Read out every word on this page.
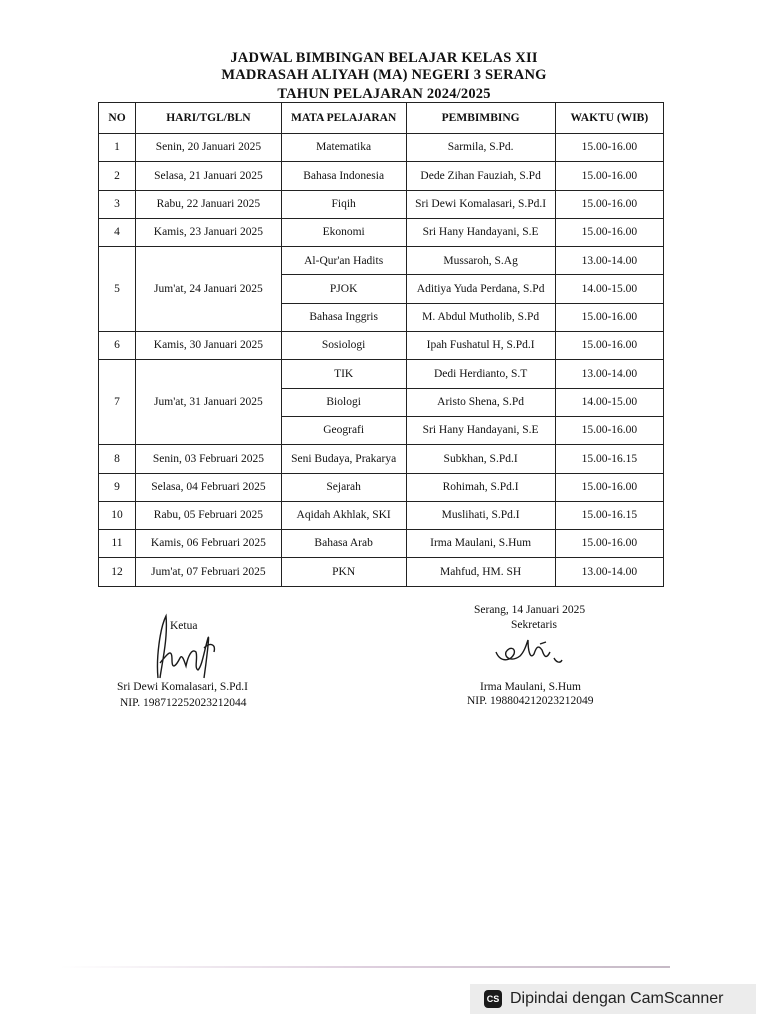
JADWAL BIMBINGAN BELAJAR KELAS XII
MADRASAH ALIYAH (MA) NEGERI 3 SERANG
TAHUN PELAJARAN 2024/2025
NO	HARI/TGL/BLN	MATA PELAJARAN	PEMBIMBING	WAKTU (WIB)
1	Senin, 20 Januari 2025	Matematika	Sarmila, S.Pd.	15.00-16.00
2	Selasa, 21 Januari 2025	Bahasa Indonesia	Dede Zihan Fauziah, S.Pd	15.00-16.00
3	Rabu, 22 Januari 2025	Fiqih	Sri Dewi Komalasari, S.Pd.I	15.00-16.00
4	Kamis, 23 Januari 2025	Ekonomi	Sri Hany Handayani, S.E	15.00-16.00
5	Jum'at, 24 Januari 2025	Al-Qur'an Hadits	Mussaroh, S.Ag	13.00-14.00
		PJOK	Aditiya Yuda Perdana, S.Pd	14.00-15.00
		Bahasa Inggris	M. Abdul Mutholib, S.Pd	15.00-16.00
6	Kamis, 30 Januari 2025	Sosiologi	Ipah Fushatul H, S.Pd.I	15.00-16.00
7	Jum'at, 31 Januari 2025	TIK	Dedi Herdianto, S.T	13.00-14.00
		Biologi	Aristo Shena, S.Pd	14.00-15.00
		Geografi	Sri Hany Handayani, S.E	15.00-16.00
8	Senin, 03 Februari 2025	Seni Budaya, Prakarya	Subkhan, S.Pd.I	15.00-16.15
9	Selasa, 04 Februari 2025	Sejarah	Rohimah, S.Pd.I	15.00-16.00
10	Rabu, 05 Februari 2025	Aqidah Akhlak, SKI	Muslihati, S.Pd.I	15.00-16.15
11	Kamis, 06 Februari 2025	Bahasa Arab	Irma Maulani, S.Hum	15.00-16.00
12	Jum'at, 07 Februari 2025	PKN	Mahfud, HM. SH	13.00-14.00
Ketua
Sri Dewi Komalasari, S.Pd.I
NIP. 198712252023212044
Serang, 14 Januari 2025
Sekretaris
Irma Maulani, S.Hum
NIP. 198804212023212049
CS Dipindai dengan CamScanner
